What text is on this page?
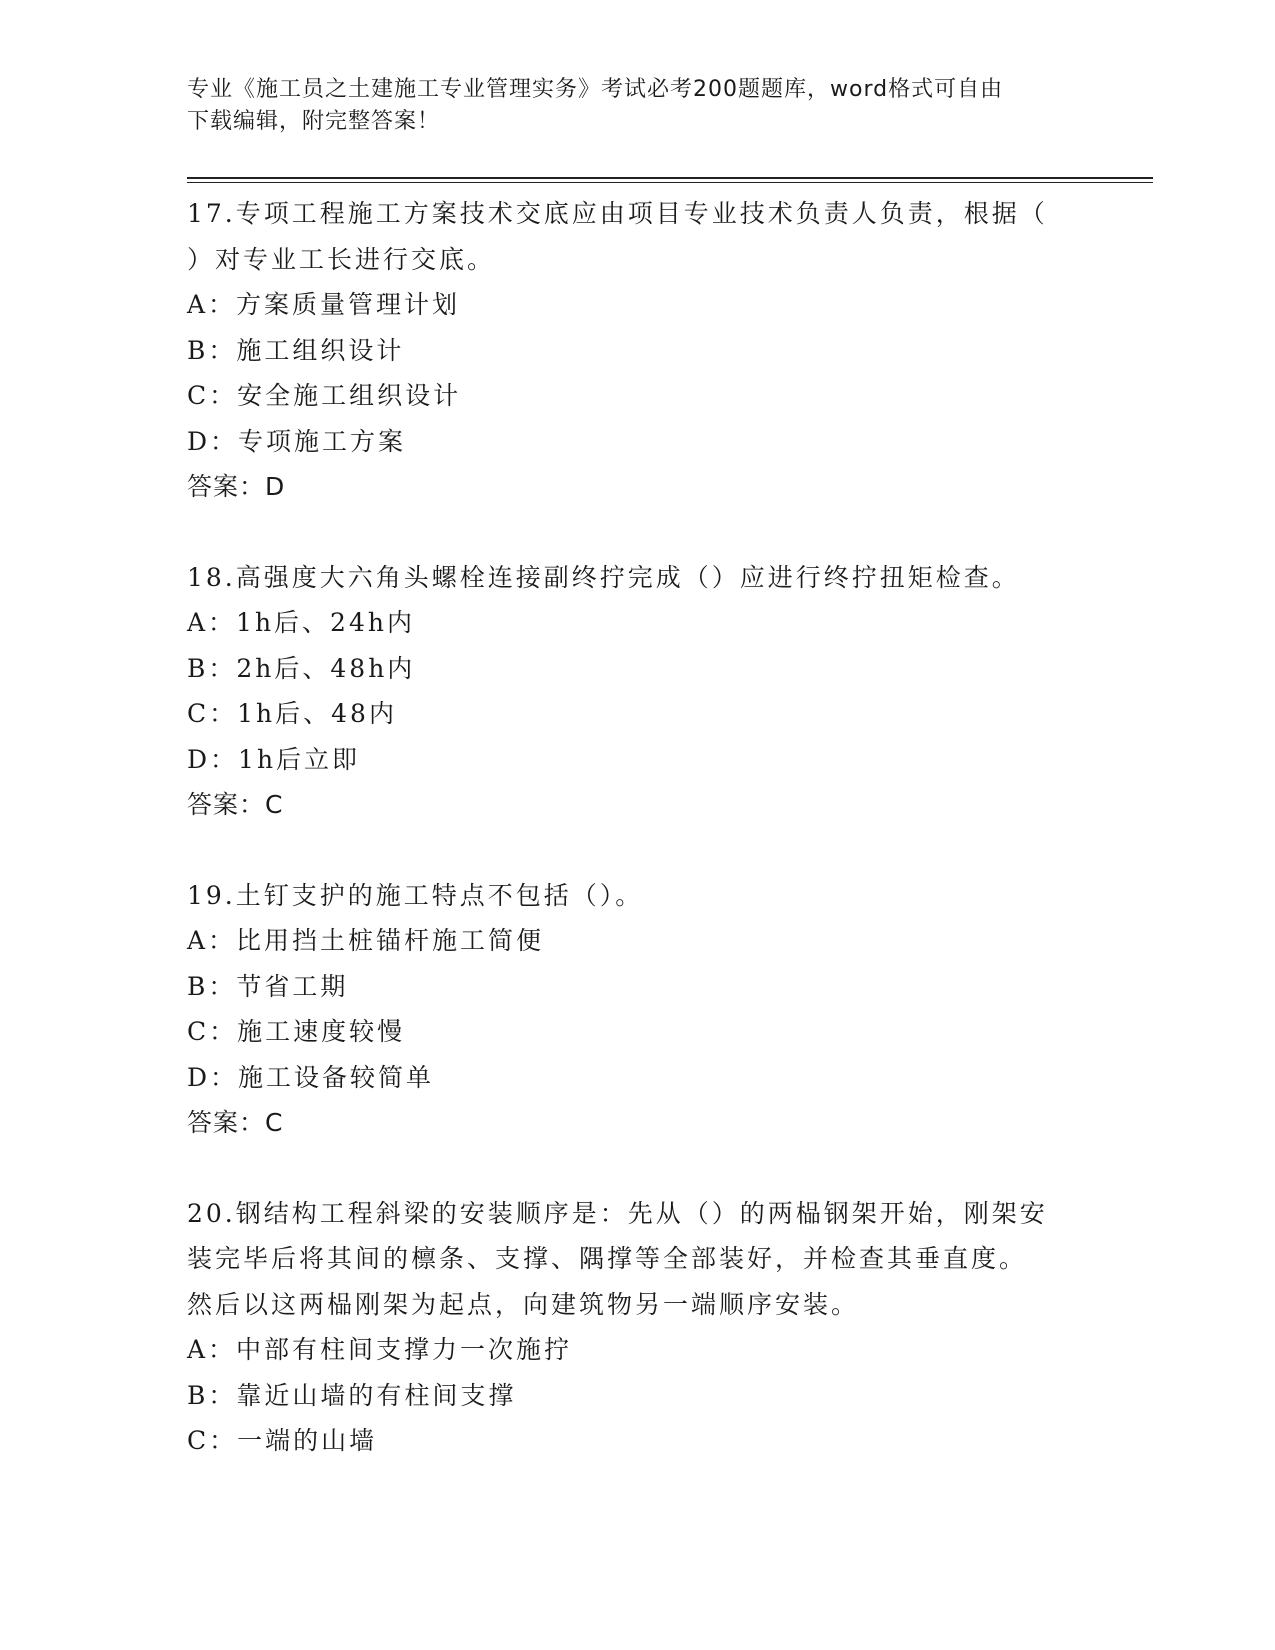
专业《施工员之土建施工专业管理实务》考试必考200题题库，word格式可自由
下载编辑，附完整答案！

17.专项工程施工方案技术交底应由项目专业技术负责人负责，根据（

）对专业工长进行交底。

A：方案质量管理计划

B：施工组织设计

C：安全施工组织设计

D：专项施工方案

答案：D

18.高强度大六角头螺栓连接副终拧完成（）应进行终拧扭矩检查。

A：1h后、24h内

B：2h后、48h内

C：1h后、48内

D：1h后立即

答案：C

19.土钉支护的施工特点不包括（）。

A：比用挡土桩锚杆施工简便

B：节省工期

C：施工速度较慢

D：施工设备较简单

答案：C

20.钢结构工程斜梁的安装顺序是：先从（）的两榀钢架开始，刚架安

装完毕后将其间的檩条、支撑、隅撑等全部装好，并检查其垂直度。

然后以这两榀刚架为起点，向建筑物另一端顺序安装。

A：中部有柱间支撑力一次施拧

B：靠近山墙的有柱间支撑

C：一端的山墙
